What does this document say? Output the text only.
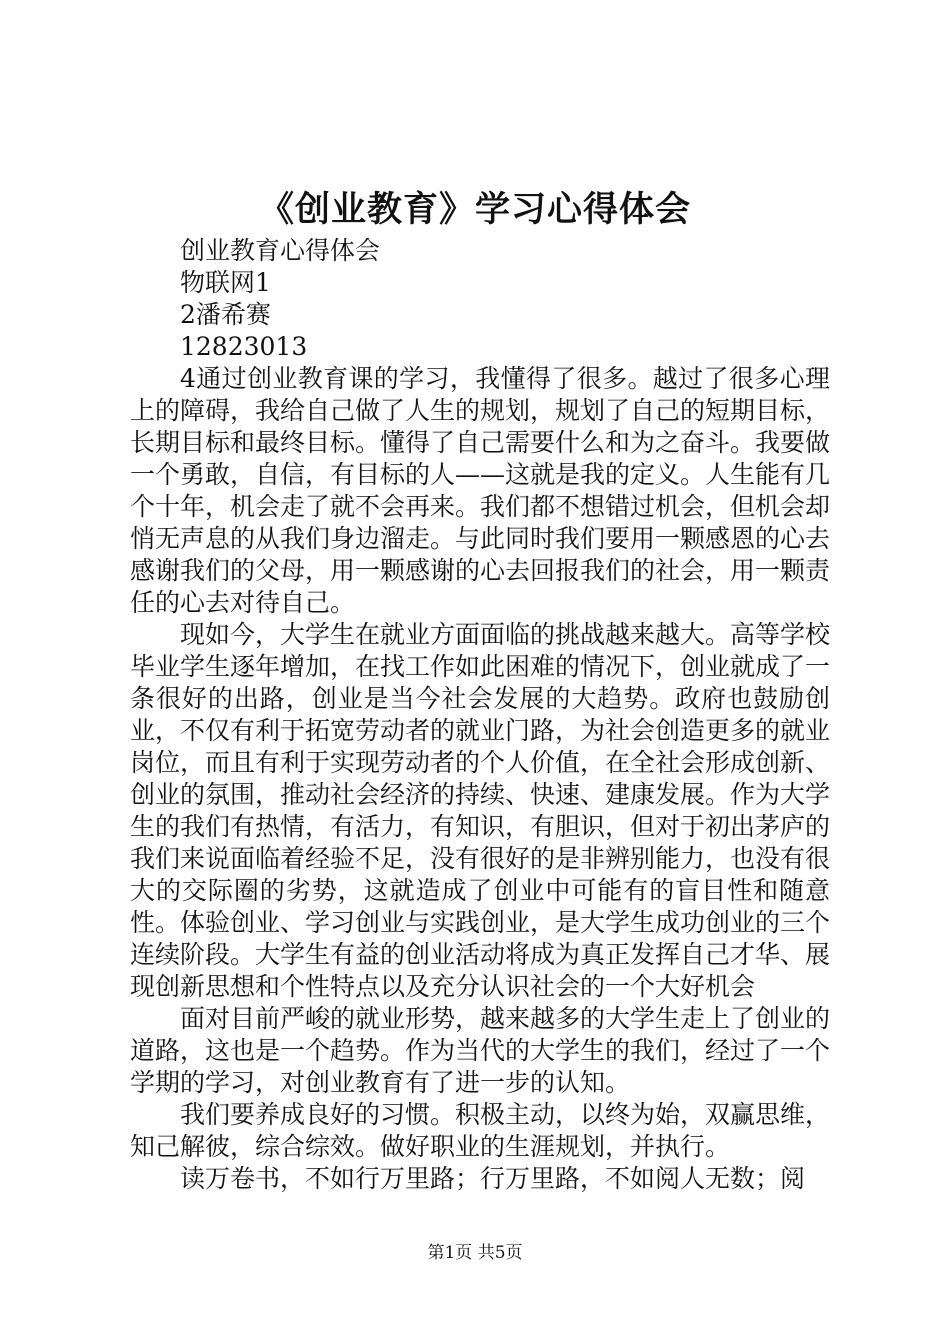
《创业教育》学习心得体会
创业教育心得体会
物联网1
2潘希赛
12823013

4通过创业教育课的学习，我懂得了很多。越过了很多心理上的障碍，我给自己做了人生的规划，规划了自己的短期目标，长期目标和最终目标。懂得了自己需要什么和为之奋斗。我要做一个勇敢，自信，有目标的人——这就是我的定义。人生能有几个十年，机会走了就不会再来。我们都不想错过机会，但机会却悄无声息的从我们身边溜走。与此同时我们要用一颗感恩的心去感谢我们的父母，用一颗感谢的心去回报我们的社会，用一颗责任的心去对待自己。

现如今，大学生在就业方面面临的挑战越来越大。高等学校毕业学生逐年增加，在找工作如此困难的情况下，创业就成了一条很好的出路，创业是当今社会发展的大趋势。政府也鼓励创业，不仅有利于拓宽劳动者的就业门路，为社会创造更多的就业岗位，而且有利于实现劳动者的个人价值，在全社会形成创新、创业的氛围，推动社会经济的持续、快速、建康发展。作为大学生的我们有热情，有活力，有知识，有胆识，但对于初出茅庐的我们来说面临着经验不足，没有很好的是非辨别能力，也没有很大的交际圈的劣势，这就造成了创业中可能有的盲目性和随意性。体验创业、学习创业与实践创业，是大学生成功创业的三个连续阶段。大学生有益的创业活动将成为真正发挥自己才华、展现创新思想和个性特点以及充分认识社会的一个大好机会

面对目前严峻的就业形势，越来越多的大学生走上了创业的道路，这也是一个趋势。作为当代的大学生的我们，经过了一个学期的学习，对创业教育有了进一步的认知。

我们要养成良好的习惯。积极主动，以终为始，双赢思维，知己解彼，综合综效。做好职业的生涯规划，并执行。

读万卷书，不如行万里路；行万里路，不如阅人无数；阅

第1页 共5页
